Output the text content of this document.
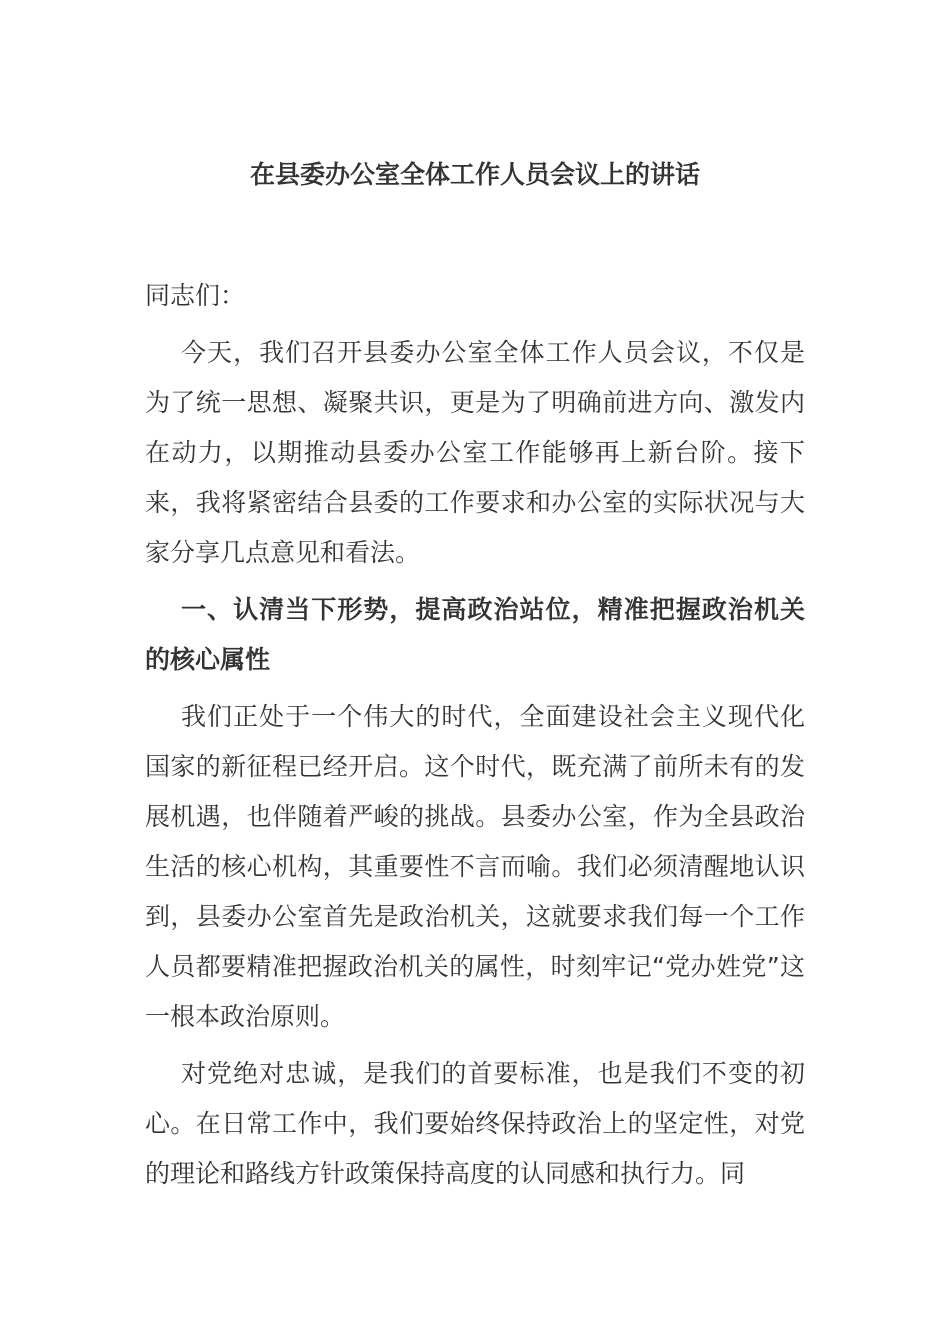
在县委办公室全体工作人员会议上的讲话

同志们：

今天，我们召开县委办公室全体工作人员会议，不仅是为了统一思想、凝聚共识，更是为了明确前进方向、激发内在动力，以期推动县委办公室工作能够再上新台阶。接下来，我将紧密结合县委的工作要求和办公室的实际状况与大家分享几点意见和看法。

一、认清当下形势，提高政治站位，精准把握政治机关的核心属性

我们正处于一个伟大的时代，全面建设社会主义现代化国家的新征程已经开启。这个时代，既充满了前所未有的发展机遇，也伴随着严峻的挑战。县委办公室，作为全县政治生活的核心机构，其重要性不言而喻。我们必须清醒地认识到，县委办公室首先是政治机关，这就要求我们每一个工作人员都要精准把握政治机关的属性，时刻牢记“党办姓党”这一根本政治原则。

对党绝对忠诚，是我们的首要标准，也是我们不变的初心。在日常工作中，我们要始终保持政治上的坚定性，对党的理论和路线方针政策保持高度的认同感和执行力。同
